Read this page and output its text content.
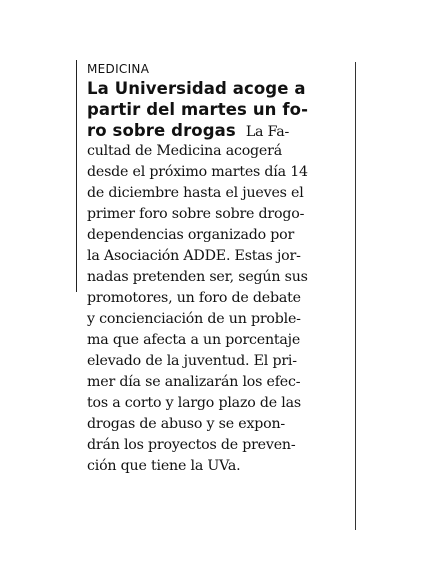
MEDICINA
La Universidad acoge a
partir del martes un fo-
ro sobre drogas La Fa-
cultad de Medicina acogerá
desde el próximo martes día 14
de diciembre hasta el jueves el
primer foro sobre sobre drogo-
dependencias organizado por
la Asociación ADDE. Estas jor-
nadas pretenden ser, según sus
promotores, un foro de debate
y concienciación de un proble-
ma que afecta a un porcentaje
elevado de la juventud. El pri-
mer día se analizarán los efec-
tos a corto y largo plazo de las
drogas de abuso y se expon-
drán los proyectos de preven-
ción que tiene la UVa.
